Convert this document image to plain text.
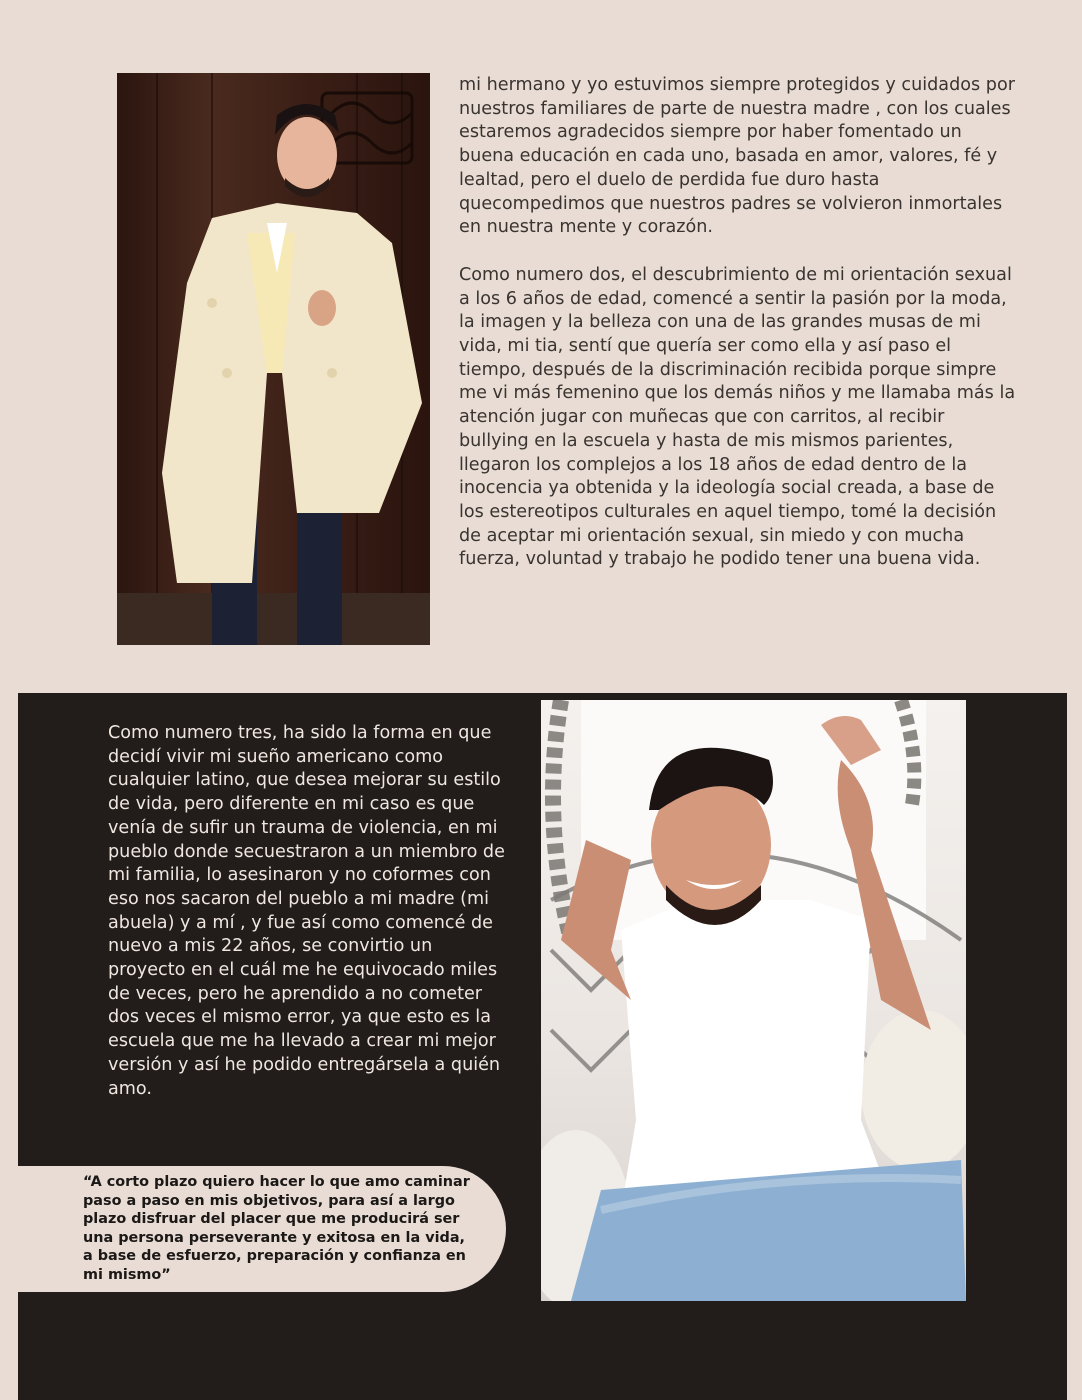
mi hermano y yo estuvimos siempre protegidos y cuidados por nuestros familiares de parte de nuestra madre , con los cuales estaremos agradecidos siempre por haber fomentado un buena educación en cada uno, basada en amor, valores, fé y lealtad, pero el duelo de perdida fue duro hasta quecompedimos que nuestros padres se volvieron inmortales en nuestra mente y corazón.

Como numero dos, el descubrimiento de mi orientación sexual a los 6 años de edad, comencé a sentir la pasión por la moda, la imagen y la belleza con una de las grandes musas de mi vida, mi tia, sentí que quería ser como ella y así paso el tiempo, después de la discriminación recibida porque simpre me vi más femenino que los demás niños y me llamaba más la atención jugar con muñecas que con carritos, al recibir bullying en la escuela y hasta de mis mismos parientes, llegaron los complejos a los 18 años de edad dentro de la inocencia ya obtenida y la ideología social creada, a base de los estereotipos culturales en aquel tiempo, tomé la decisión de aceptar mi orientación sexual, sin miedo y con mucha fuerza, voluntad y trabajo he podido tener una buena vida.

Como numero tres, ha sido la forma en que decidí vivir mi sueño americano como cualquier latino, que desea mejorar su estilo de vida, pero diferente en mi caso es que venía de sufir un trauma de violencia, en mi pueblo donde secuestraron a un miembro de mi familia, lo asesinaron y no coformes con eso nos sacaron del pueblo a mi madre (mi abuela) y a mí , y fue así como comencé de nuevo a mis 22 años, se convirtio un proyecto en el cuál me he equivocado miles de veces, pero he aprendido a no cometer dos veces el mismo error, ya que esto es la escuela que me ha llevado a crear mi mejor versión y así he podido entregársela a quién amo.

“A corto plazo quiero hacer lo que amo caminar paso a paso en mis objetivos, para así a largo plazo disfruar del placer que me producirá ser una persona perseverante y exitosa en la vida, a base de esfuerzo, preparación y confianza en mi mismo”
